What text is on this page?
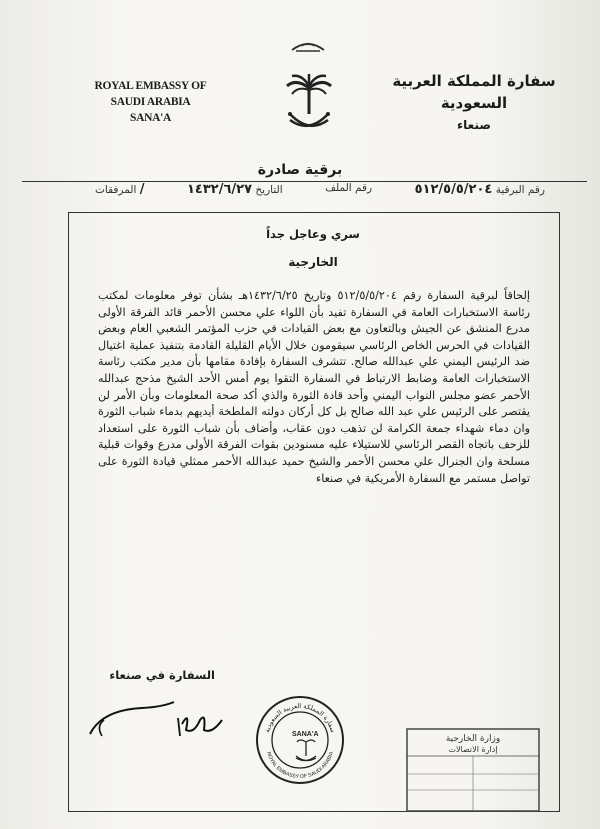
ROYAL EMBASSY OF SAUDI ARABIA
SANA'A
سفارة المملكة العربية السعودية
صنعاء
برقية صادرة
رقم البرقية ٥١٢/٥/٥/٢٠٤
رقم الملف
التاريخ ١٤٣٢/٦/٢٧
المرفقات /
سري وعاجل جداً
الخارجية
إلحاقاً لبرقية السفارة رقم ٥١٢/٥/٥/٢٠٤ وتاريخ ١٤٣٢/٦/٢٥هـ بشأن توفر معلومات لمكتب رئاسة الاستخبارات العامة في السفارة تفيد بأن اللواء علي محسن الأحمر قائد الفرقة الأولى مدرع المنشق عن الجيش وبالتعاون مع بعض القيادات في حزب المؤتمر الشعبي العام وبعض القيادات في الحرس الخاص الرئاسي سيقومون خلال الأيام القليلة القادمة بتنفيذ عملية اغتيال ضد الرئيس اليمني علي عبدالله صالح. تتشرف السفارة بإفادة مقامها بأن مدير مكتب رئاسة الاستخبارات العامة وضابط الارتباط في السفارة التقوا يوم أمس الأحد الشيخ مذحج عبدالله الأحمر عضو مجلس النواب اليمني وأحد قادة الثورة والذي أكد صحة المعلومات وبأن الأمر لن يقتصر على الرئيس علي عبد الله صالح بل كل أركان دولته الملطخة أيديهم بدماء شباب الثورة وان دماء شهداء جمعة الكرامة لن تذهب دون عقاب، وأضاف بأن شباب الثورة على استعداد للزحف باتجاه القصر الرئاسي للاستيلاء عليه مسنودين بقوات الفرقة الأولى مدرع وقوات قبلية مسلحة وان الجنرال علي محسن الأحمر والشيخ حميد عبدالله الأحمر ممثلي قيادة الثورة على تواصل مستمر مع السفارة الأمريكية في صنعاء
السفارة في صنعاء
سفارة المملكة العربية السعودية
ROYAL EMBASSY OF SAUDI ARABIA
SANA'A	وزارة الخارجية
إدارة الاتصالات
